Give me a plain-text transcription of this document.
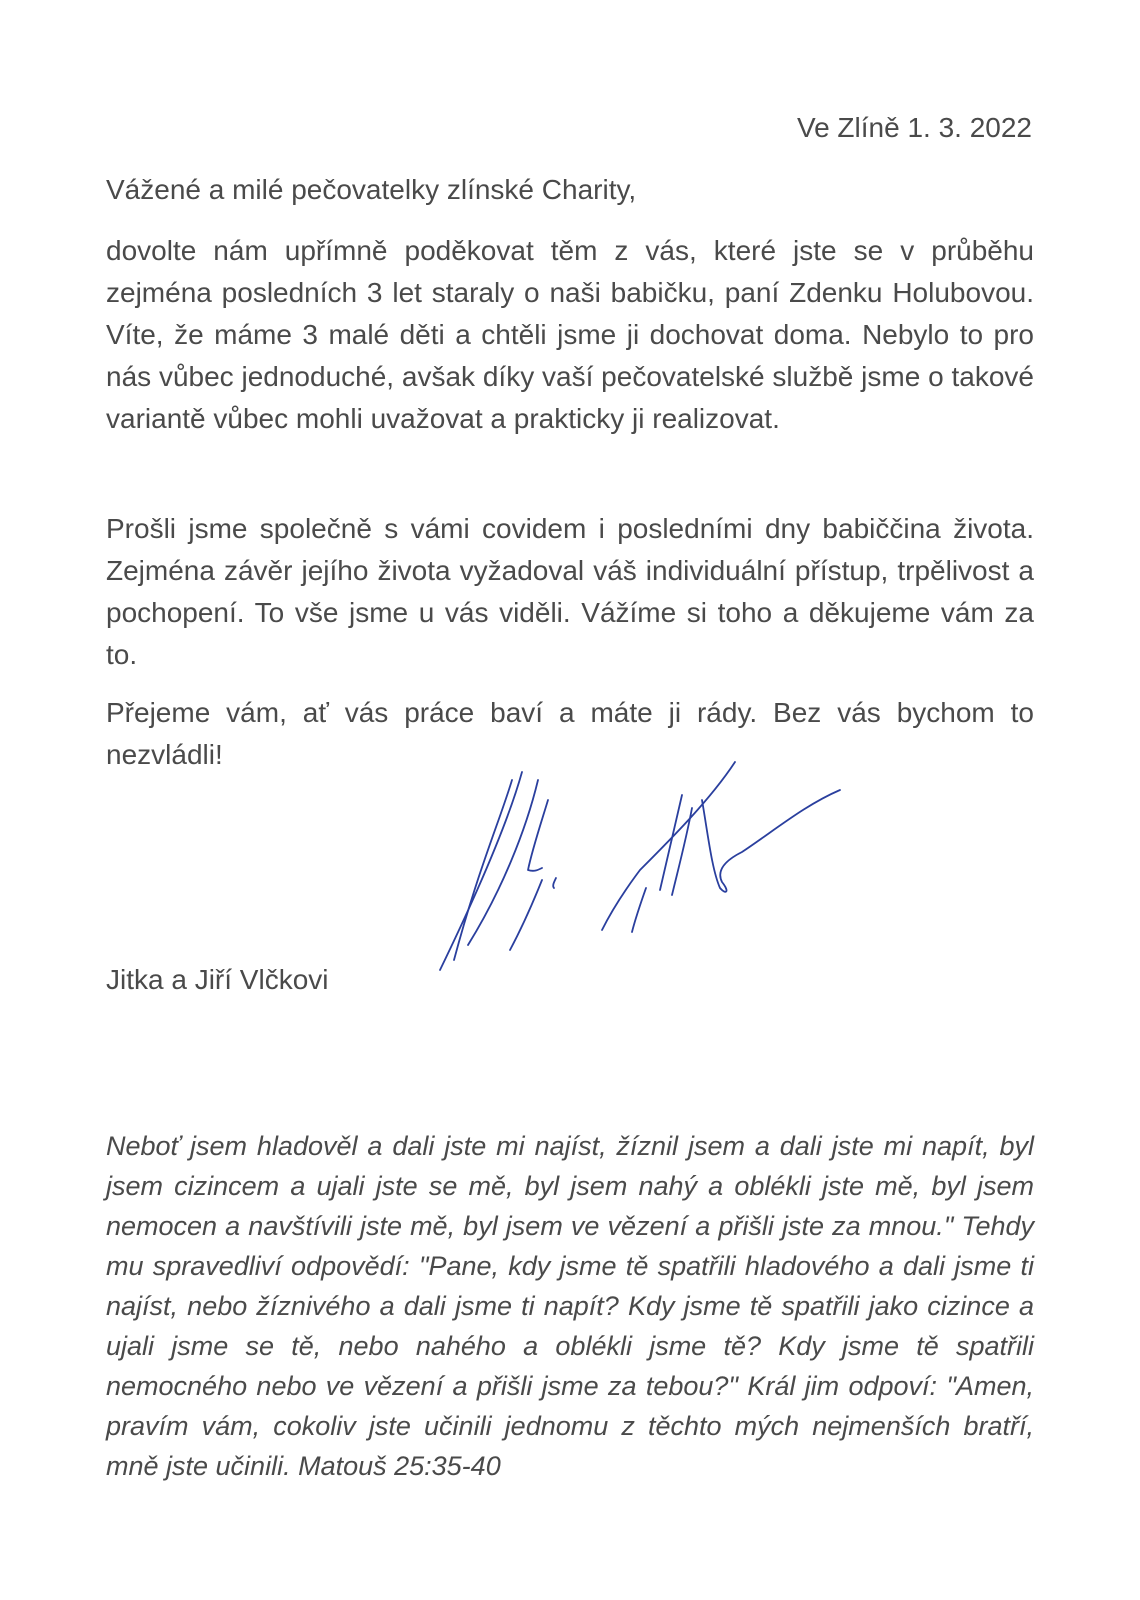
Ve Zlíně 1. 3. 2022

Vážené a milé pečovatelky zlínské Charity,

dovolte nám upřímně poděkovat těm z vás, které jste se v průběhu zejména posledních 3 let staraly o naši babičku, paní Zdenku Holubovou. Víte, že máme 3 malé děti a chtěli jsme ji dochovat doma. Nebylo to pro nás vůbec jednoduché, avšak díky vaší pečovatelské službě jsme o takové variantě vůbec mohli uvažovat a prakticky ji realizovat.

Prošli jsme společně s vámi covidem i posledními dny babiččina života. Zejména závěr jejího života vyžadoval váš individuální přístup, trpělivost a pochopení. To vše jsme u vás viděli. Vážíme si toho a děkujeme vám za to.

Přejeme vám, ať vás práce baví a máte ji rády. Bez vás bychom to nezvládli!

Jitka a Jiří Vlčkovi

Neboť jsem hladověl a dali jste mi najíst, žíznil jsem a dali jste mi napít, byl jsem cizincem a ujali jste se mě, byl jsem nahý a oblékli jste mě, byl jsem nemocen a navštívili jste mě, byl jsem ve vězení a přišli jste za mnou." Tehdy mu spravedliví odpovědí: "Pane, kdy jsme tě spatřili hladového a dali jsme ti najíst, nebo žíznivého a dali jsme ti napít? Kdy jsme tě spatřili jako cizince a ujali jsme se tě, nebo nahého a oblékli jsme tě? Kdy jsme tě spatřili nemocného nebo ve vězení a přišli jsme za tebou?" Král jim odpoví: "Amen, pravím vám, cokoliv jste učinili jednomu z těchto mých nejmenších bratří, mně jste učinili. Matouš 25:35-40
